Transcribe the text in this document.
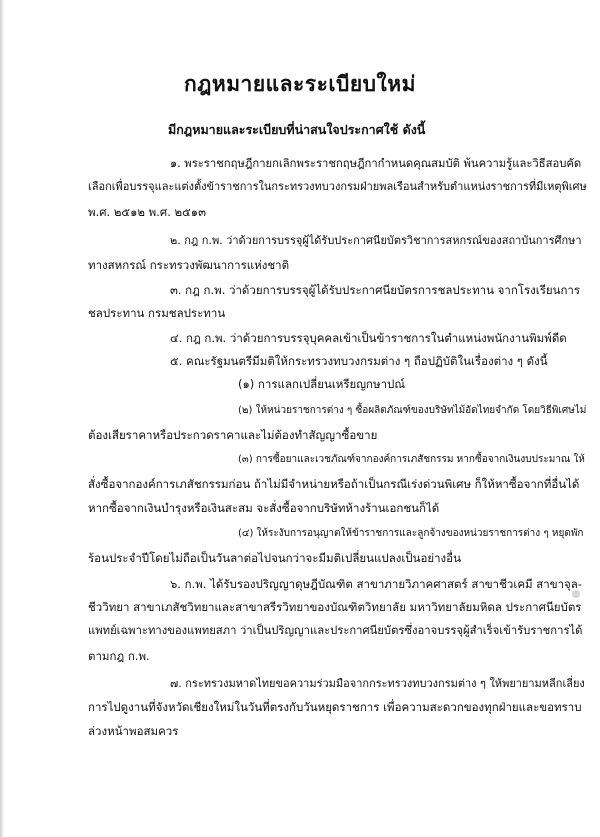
กฎหมายและระเบียบใหม่
มีกฎหมายและระเบียบที่น่าสนใจประกาศใช้ ดังนี้
๑. พระราชกฤษฎีกายกเลิกพระราชกฤษฎีกากำหนดคุณสมบัติ พ้นความรู้และวิธีสอบคัด
เลือกเพื่อบรรจุและแต่งตั้งข้าราชการในกระทรวงทบวงกรมฝ่ายพลเรือนสำหรับตำแหน่งราชการที่มีเหตุพิเศษ
พ.ศ. ๒๕๑๒ พ.ศ. ๒๕๑๓
๒. กฎ ก.พ. ว่าด้วยการบรรจุผู้ได้รับประกาศนียบัตรวิชาการสหกรณ์ของสถาบันการศึกษา
ทางสหกรณ์ กระทรวงพัฒนาการแห่งชาติ
๓. กฎ ก.พ. ว่าด้วยการบรรจุผู้ได้รับประกาศนียบัตรการชลประทาน จากโรงเรียนการ
ชลประทาน กรมชลประทาน
๔. กฎ ก.พ. ว่าด้วยการบรรจุบุคคลเข้าเป็นข้าราชการในตำแหน่งพนักงานพิมพ์ดีด
๕. คณะรัฐมนตรีมีมติให้กระทรวงทบวงกรมต่าง ๆ ถือปฏิบัติในเรื่องต่าง ๆ ดังนี้
(๑) การแลกเปลี่ยนเหรียญกษาปณ์
(๒) ให้หน่วยราชการต่าง ๆ ซื้อผลิตภัณฑ์ของบริษัทไม้อัดไทยจำกัด โดยวิธีพิเศษไม่
ต้องเสียราคาหรือประกวดราคาและไม่ต้องทำสัญญาซื้อขาย
(๓) การซื้อยาและเวชภัณฑ์จากองค์การเภสัชกรรม หากซื้อจากเงินงบประมาณ ให้
สั่งซื้อจากองค์การเภสัชกรรมก่อน ถ้าไม่มีจำหน่ายหรือถ้าเป็นกรณีเร่งด่วนพิเศษ ก็ให้หาซื้อจากที่อื่นได้
หากซื้อจากเงินบำรุงหรือเงินสะสม จะสั่งซื้อจากบริษัทห้างร้านเอกชนก็ได้
(๔) ให้ระงับการอนุญาตให้ข้าราชการและลูกจ้างของหน่วยราชการต่าง ๆ หยุดพัก
ร้อนประจำปีโดยไม่ถือเป็นวันลาต่อไปจนกว่าจะมีมติเปลี่ยนแปลงเป็นอย่างอื่น
๖. ก.พ. ได้รับรองปริญญาดุษฎีบัณฑิต สาขาภายวิภาคศาสตร์ สาขาชีวเคมี สาขาจุล-
ชีววิทยา สาขาเภสัชวิทยาและสาขาสรีรวิทยาของบัณฑิตวิทยาลัย มหาวิทยาลัยมหิดล ประกาศนียบัตร
แพทย์เฉพาะทางของแพทยสภา ว่าเป็นปริญญาและประกาศนียบัตรซึ่งอาจบรรจุผู้สำเร็จเข้ารับราชการได้
ตามกฎ ก.พ.
๗. กระทรวงมหาดไทยขอความร่วมมือจากกระทรวงทบวงกรมต่าง ๆ ให้พยายามหลีกเลี่ยง
การไปดูงานที่จังหวัดเชียงใหม่ในวันที่ตรงกับวันหยุดราชการ เพื่อความสะดวกของทุกฝ่ายและขอทราบ
ล่วงหน้าพอสมควร
